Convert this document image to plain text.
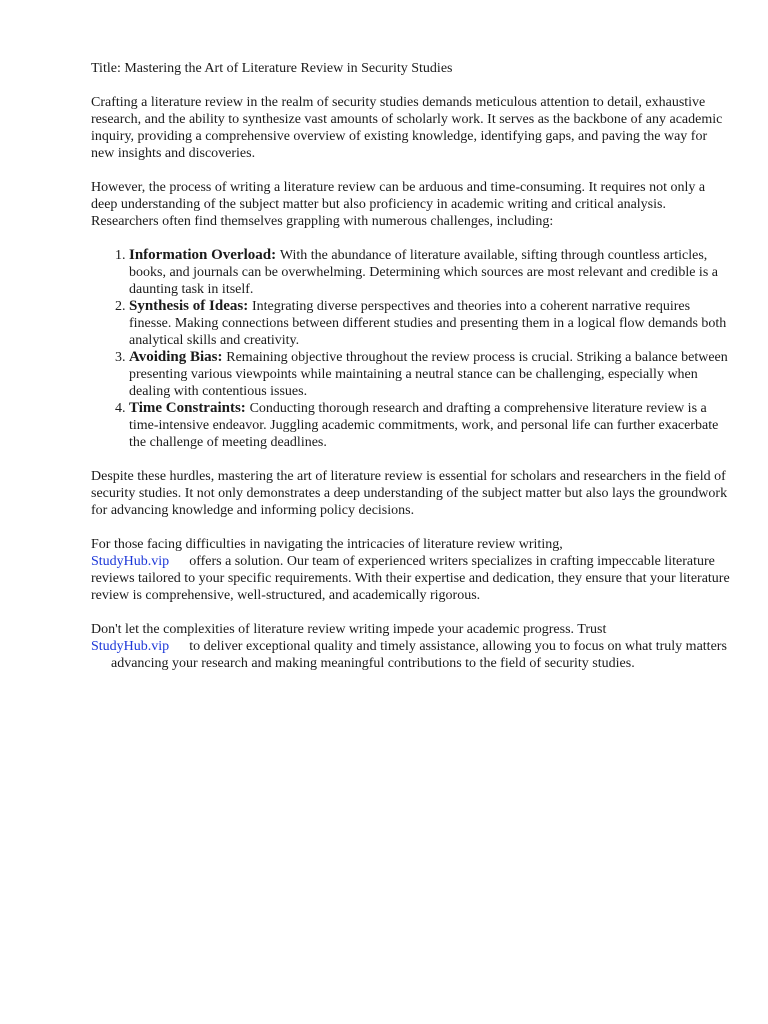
Title: Mastering the Art of Literature Review in Security Studies

Crafting a literature review in the realm of security studies demands meticulous attention to detail, exhaustive research, and the ability to synthesize vast amounts of scholarly work. It serves as the backbone of any academic inquiry, providing a comprehensive overview of existing knowledge, identifying gaps, and paving the way for new insights and discoveries.

However, the process of writing a literature review can be arduous and time-consuming. It requires not only a deep understanding of the subject matter but also proficiency in academic writing and critical analysis. Researchers often find themselves grappling with numerous challenges, including:

1. Information Overload: With the abundance of literature available, sifting through countless articles, books, and journals can be overwhelming. Determining which sources are most relevant and credible is a daunting task in itself.
2. Synthesis of Ideas: Integrating diverse perspectives and theories into a coherent narrative requires finesse. Making connections between different studies and presenting them in a logical flow demands both analytical skills and creativity.
3. Avoiding Bias: Remaining objective throughout the review process is crucial. Striking a balance between presenting various viewpoints while maintaining a neutral stance can be challenging, especially when dealing with contentious issues.
4. Time Constraints: Conducting thorough research and drafting a comprehensive literature review is a time-intensive endeavor. Juggling academic commitments, work, and personal life can further exacerbate the challenge of meeting deadlines.

Despite these hurdles, mastering the art of literature review is essential for scholars and researchers in the field of security studies. It not only demonstrates a deep understanding of the subject matter but also lays the groundwork for advancing knowledge and informing policy decisions.

For those facing difficulties in navigating the intricacies of literature review writing,
StudyHub.vip offers a solution. Our team of experienced writers specializes in crafting impeccable literature reviews tailored to your specific requirements. With their expertise and dedication, they ensure that your literature review is comprehensive, well-structured, and academically rigorous.

Don't let the complexities of literature review writing impede your academic progress. Trust
StudyHub.vip to deliver exceptional quality and timely assistance, allowing you to focus on what truly mattersadvancing your research and making meaningful contributions to the field of security studies.
